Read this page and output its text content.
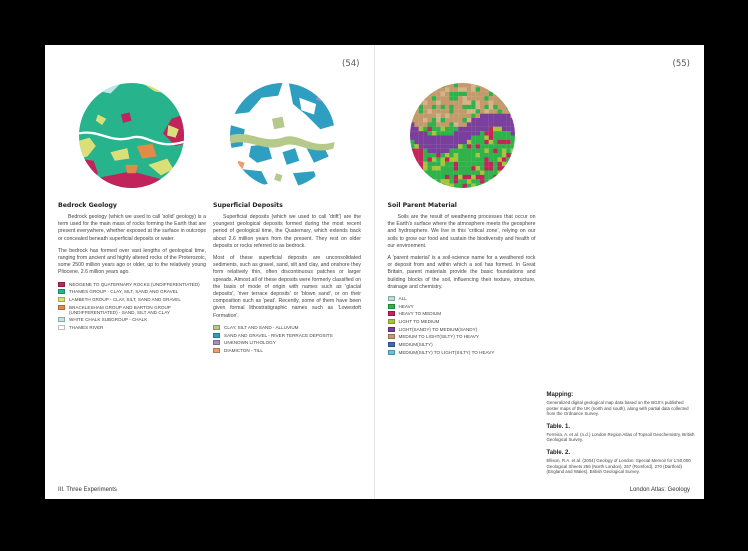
(54)
Bedrock Geology

Bedrock geology (which we used to call 'solid' geology) is a term used for the main mass of rocks forming the Earth that are present everywhere, whether exposed at the surface in outcrops or concealed beneath superficial deposits or water.

The bedrock has formed over vast lengths of geological time, ranging from ancient and highly altered rocks of the Proterozoic, some 2500 million years ago or older, up to the relatively young Pliocene, 2.6 million years ago.

NEOGENE TO QUATERNARY ROCKS (UNDIFFERENTIATED)
THAMES GROUP - CLAY, SILT, SAND AND GRAVEL
LAMBETH GROUP - CLAY, SILT, SAND AND GRAVEL
BRACKLESHAM GROUP AND BARTON GROUP (UNDIFFERENTIATED) - SAND, SILT AND CLAY
WHITE CHALK SUBGROUP - CHALK
THAMES RIVER
Superficial Deposits

Superficial deposits (which we used to call 'drift') are the youngest geological deposits formed during the most recent period of geological time, the Quaternary, which extends back about 2.6 million years from the present. They rest on older deposits or rocks referred to as bedrock.

Most of these superficial deposits are unconsolidated sediments, such as gravel, sand, silt and clay, and onshore they form relatively thin, often discontinuous patches or larger spreads. Almost all of these deposits were formerly classified on the basis of mode of origin with names such as 'glacial deposits', 'river terrace deposits' or 'blown sand', or on their composition such as 'peat'. Recently, some of them have been given formal lithostratigraphic names such as 'Lowestoft Formation'.

CLAY, SILT AND SAND - ALLUVIUM
SAND AND GRAVEL - RIVER TERRACE DEPOSITS
UNKNOWN LITHOLOGY
DIAMICTON - TILL
III. Three Experiments
(55)
Soil Parent Material

Soils are the result of weathering processes that occur on the Earth's surface where the atmosphere meets the geosphere and hydrosphere. We live in this 'critical zone', relying on our soils to grow our food and sustain the biodiversity and health of our environment.

A 'parent material' is a soil-science name for a weathered rock or deposit from and within which a soil has formed. In Great Britain, parent materials provide the basic foundations and building blocks of the soil, influencing their texture, structure, drainage and chemistry.

ALL
HEAVY
HEAVY TO MEDIUM
LIGHT TO MEDIUM
LIGHT(SANDY) TO MEDIUM(SANDY)
MEDIUM TO LIGHT(SILTY) TO HEAVY
MEDIUM(SILTY)
MEDIUM(SILTY) TO LIGHT(SILTY) TO HEAVY
Mapping:

Generalized digital geological map data based on the BGS's published poster maps of the UK (north and south), along with partial data collected from the Ordnance Survey.

Table. 1.

Ferreira, A. et al. (n.d.) London Region Atlas of Topsoil Geochemistry. British Geological Survey.

Table. 2.

Ellison, R.A. et al. (2004) Geology of London: Special Memoir for 1:50,000 Geological Sheets 256 (North London), 257 (Romford), 270 (Dartford) (England and Wales). British Geological Survey.

London Atlas: Geology
